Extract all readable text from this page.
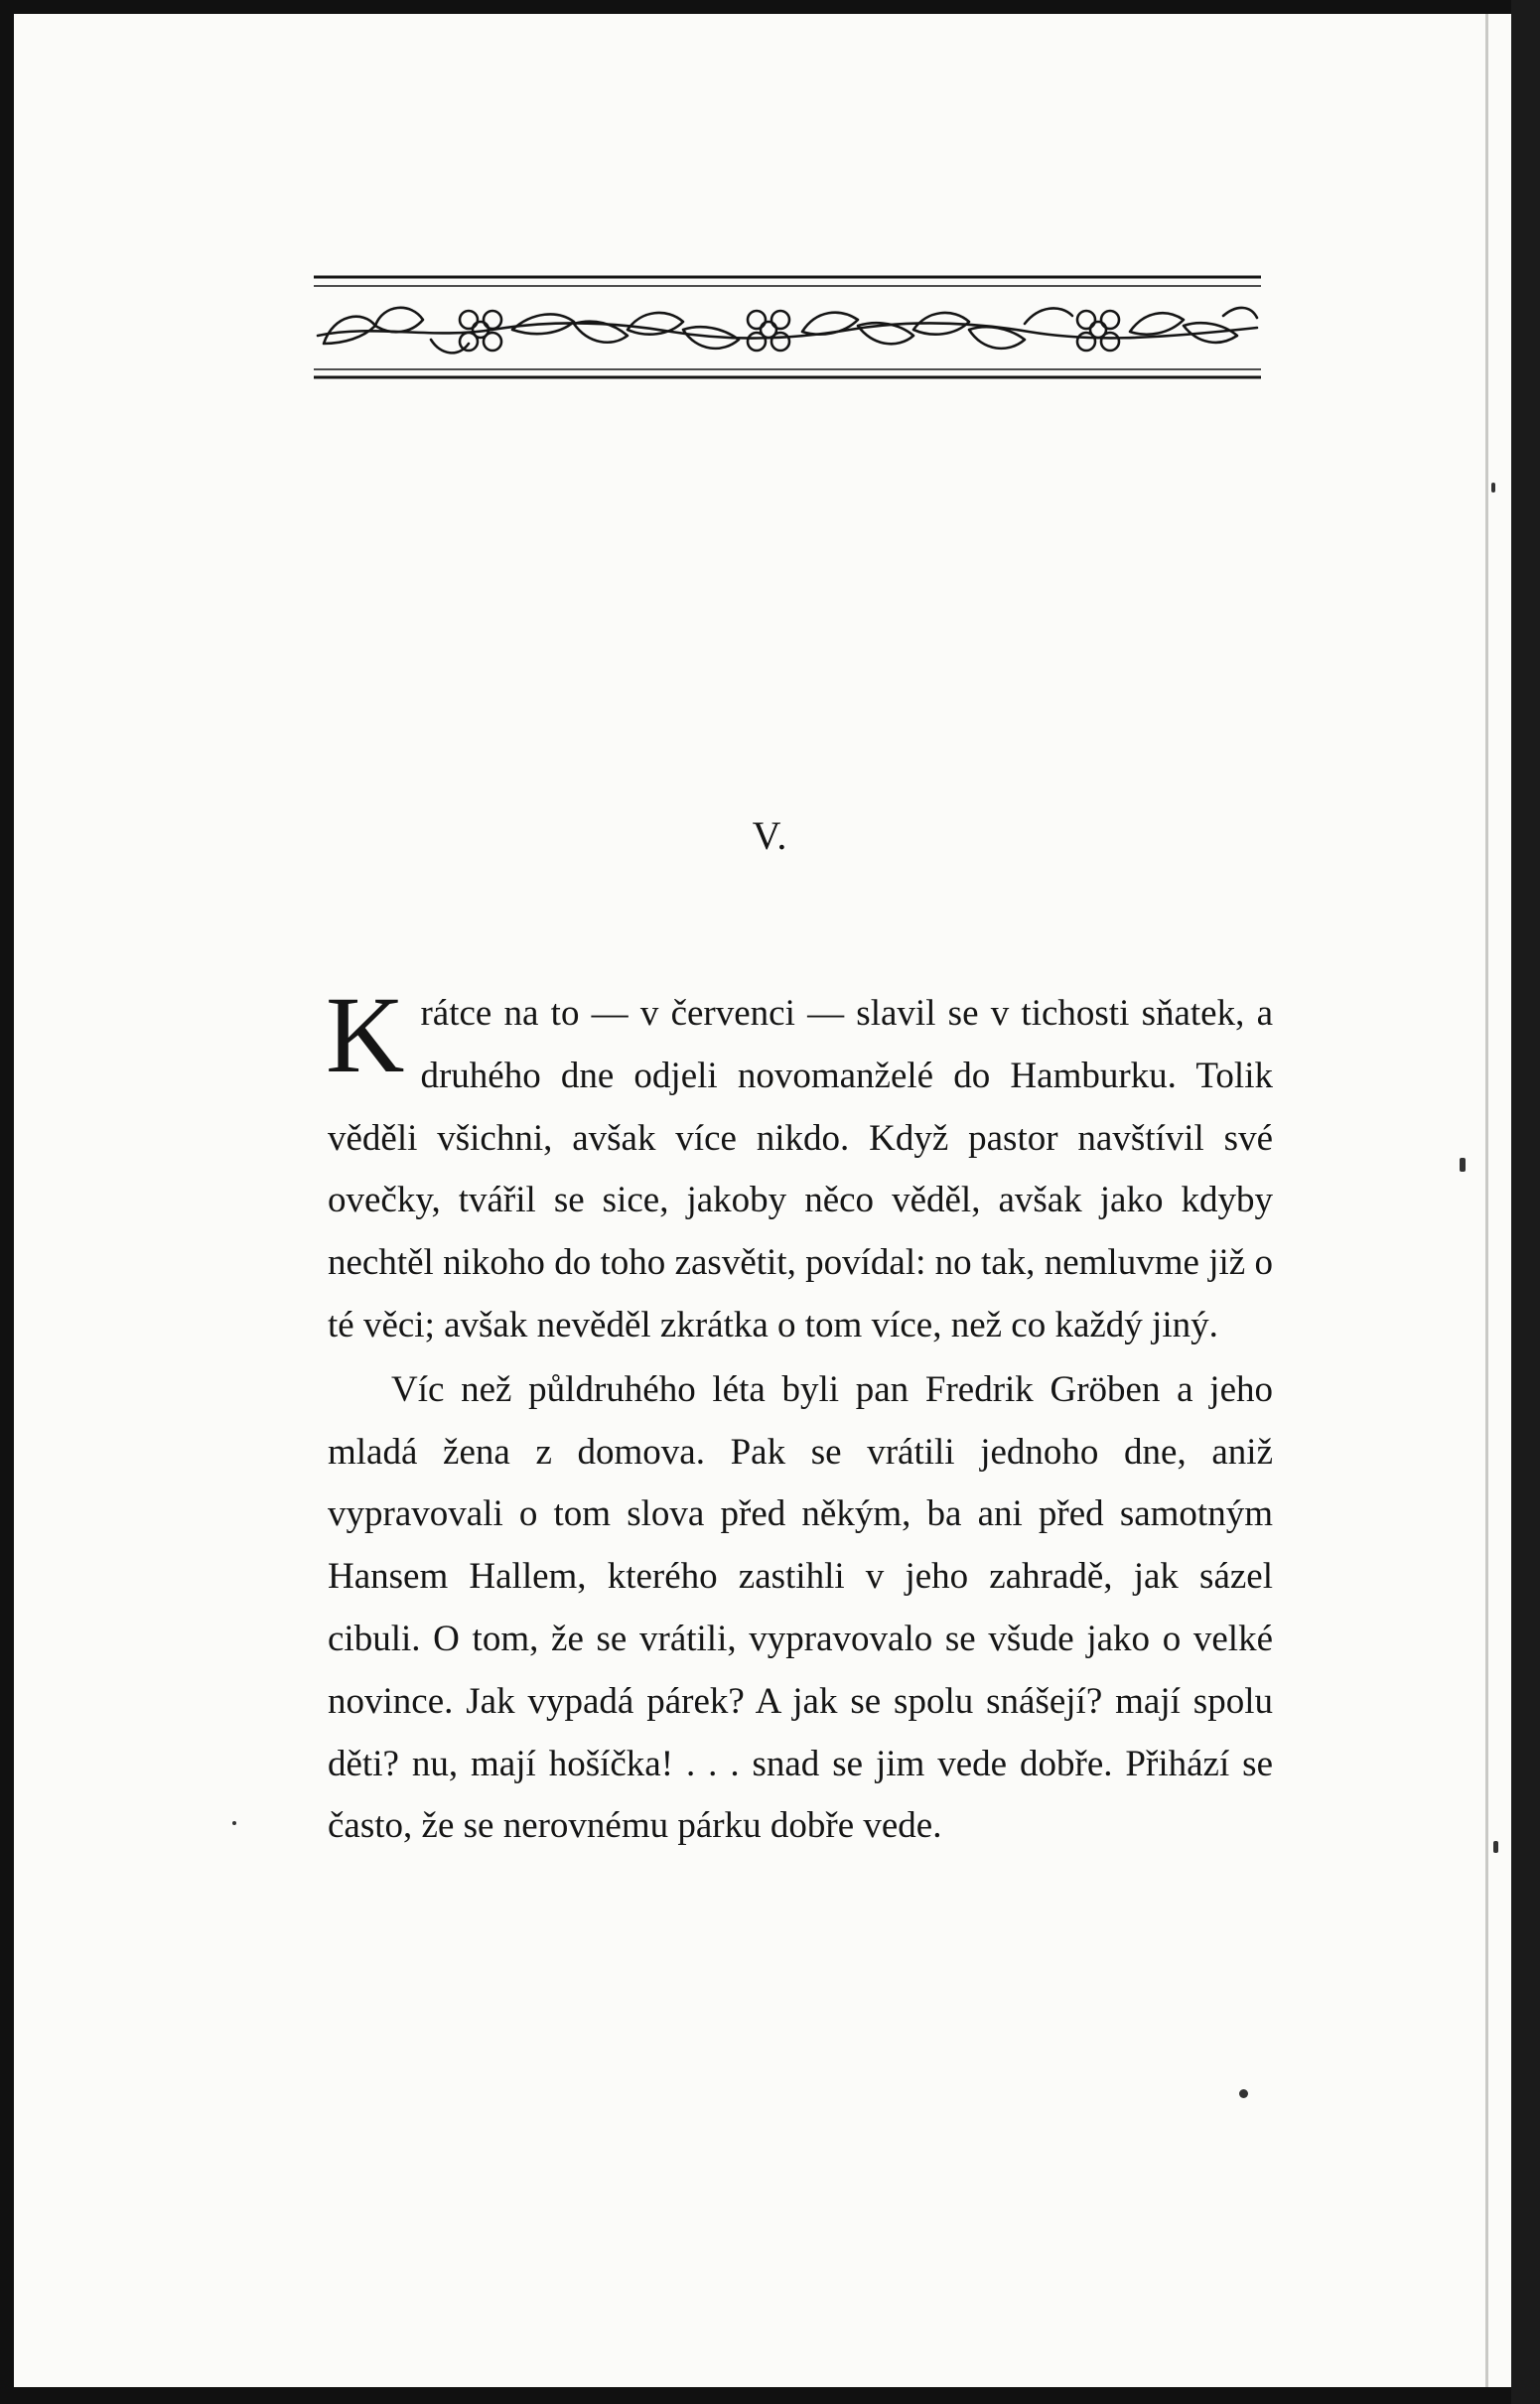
V.

Krátce na to — v červenci — slavil se v tichosti sňatek, a druhého dne odjeli novomanželé do Hamburku. Tolik věděli všichni, avšak více nikdo. Když pastor navštívil své ovečky, tvářil se sice, jakoby něco věděl, avšak jako kdyby nechtěl nikoho do toho zasvětit, povídal: no tak, nemluvme již o té věci; avšak nevěděl zkrátka o tom více, než co každý jiný.

Víc než půldruhého léta byli pan Fredrik Gröben a jeho mladá žena z domova. Pak se vrátili jednoho dne, aniž vypravovali o tom slova před někým, ba ani před samotným Hansem Hallem, kterého zastihli v jeho zahradě, jak sázel cibuli. O tom, že se vrátili, vypravovalo se všude jako o velké novince. Jak vypadá párek? A jak se spolu snášejí? mají spolu děti? nu, mají hošíčka! . . . snad se jim vede dobře. Přihází se často, že se nerovnému párku dobře vede.
